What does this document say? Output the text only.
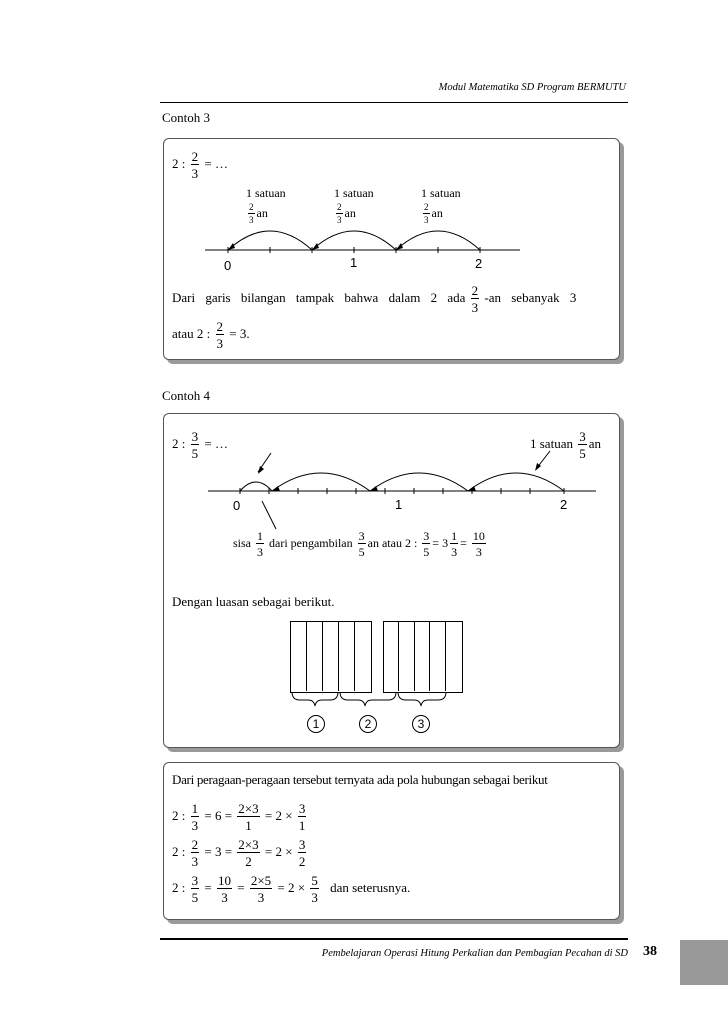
Modul Matematika SD Program BERMUTU
Contoh 3
2 : $\frac{2}{3}$ = …
1 satuan	1 satuan	1 satuan
$\frac{2}{3}$ an	$\frac{2}{3}$ an	$\frac{2}{3}$ an
0	1	2
Dari garis bilangan tampak bahwa dalam 2 ada $\frac{2}{3} -an$ sebanyak 3
atau 2 : $\frac{2}{3} = 3$.
Contoh 4
2 : $\frac{3}{5}$ = …	1 satuan $\frac{3}{5}$ an
0	1	2
sisa $\frac{1}{3}$ dari pengambilan $\frac{3}{5}$ an atau 2 : $\frac{3}{5} = 3 \frac{1}{3} = \frac{10}{3}$
Dengan luasan sebagai berikut.
1	2	3
Dari peragaan-peragaan tersebut ternyata ada pola hubungan sebagai berikut
2 : $\frac{1}{3} = 6 = \frac{2\times 3}{1} = 2 \times \frac{3}{1}$
2 : $\frac{2}{3} = 3 = \frac{2\times 3}{2} = 2 \times \frac{3}{2}$
2 : $\frac{3}{5} = \frac{10}{3} = \frac{2\times 5}{3} = 2 \times \frac{5}{3}$ dan seterusnya.
Pembelajaran Operasi Hitung Perkalian dan Pembagian Pecahan di SD 38
